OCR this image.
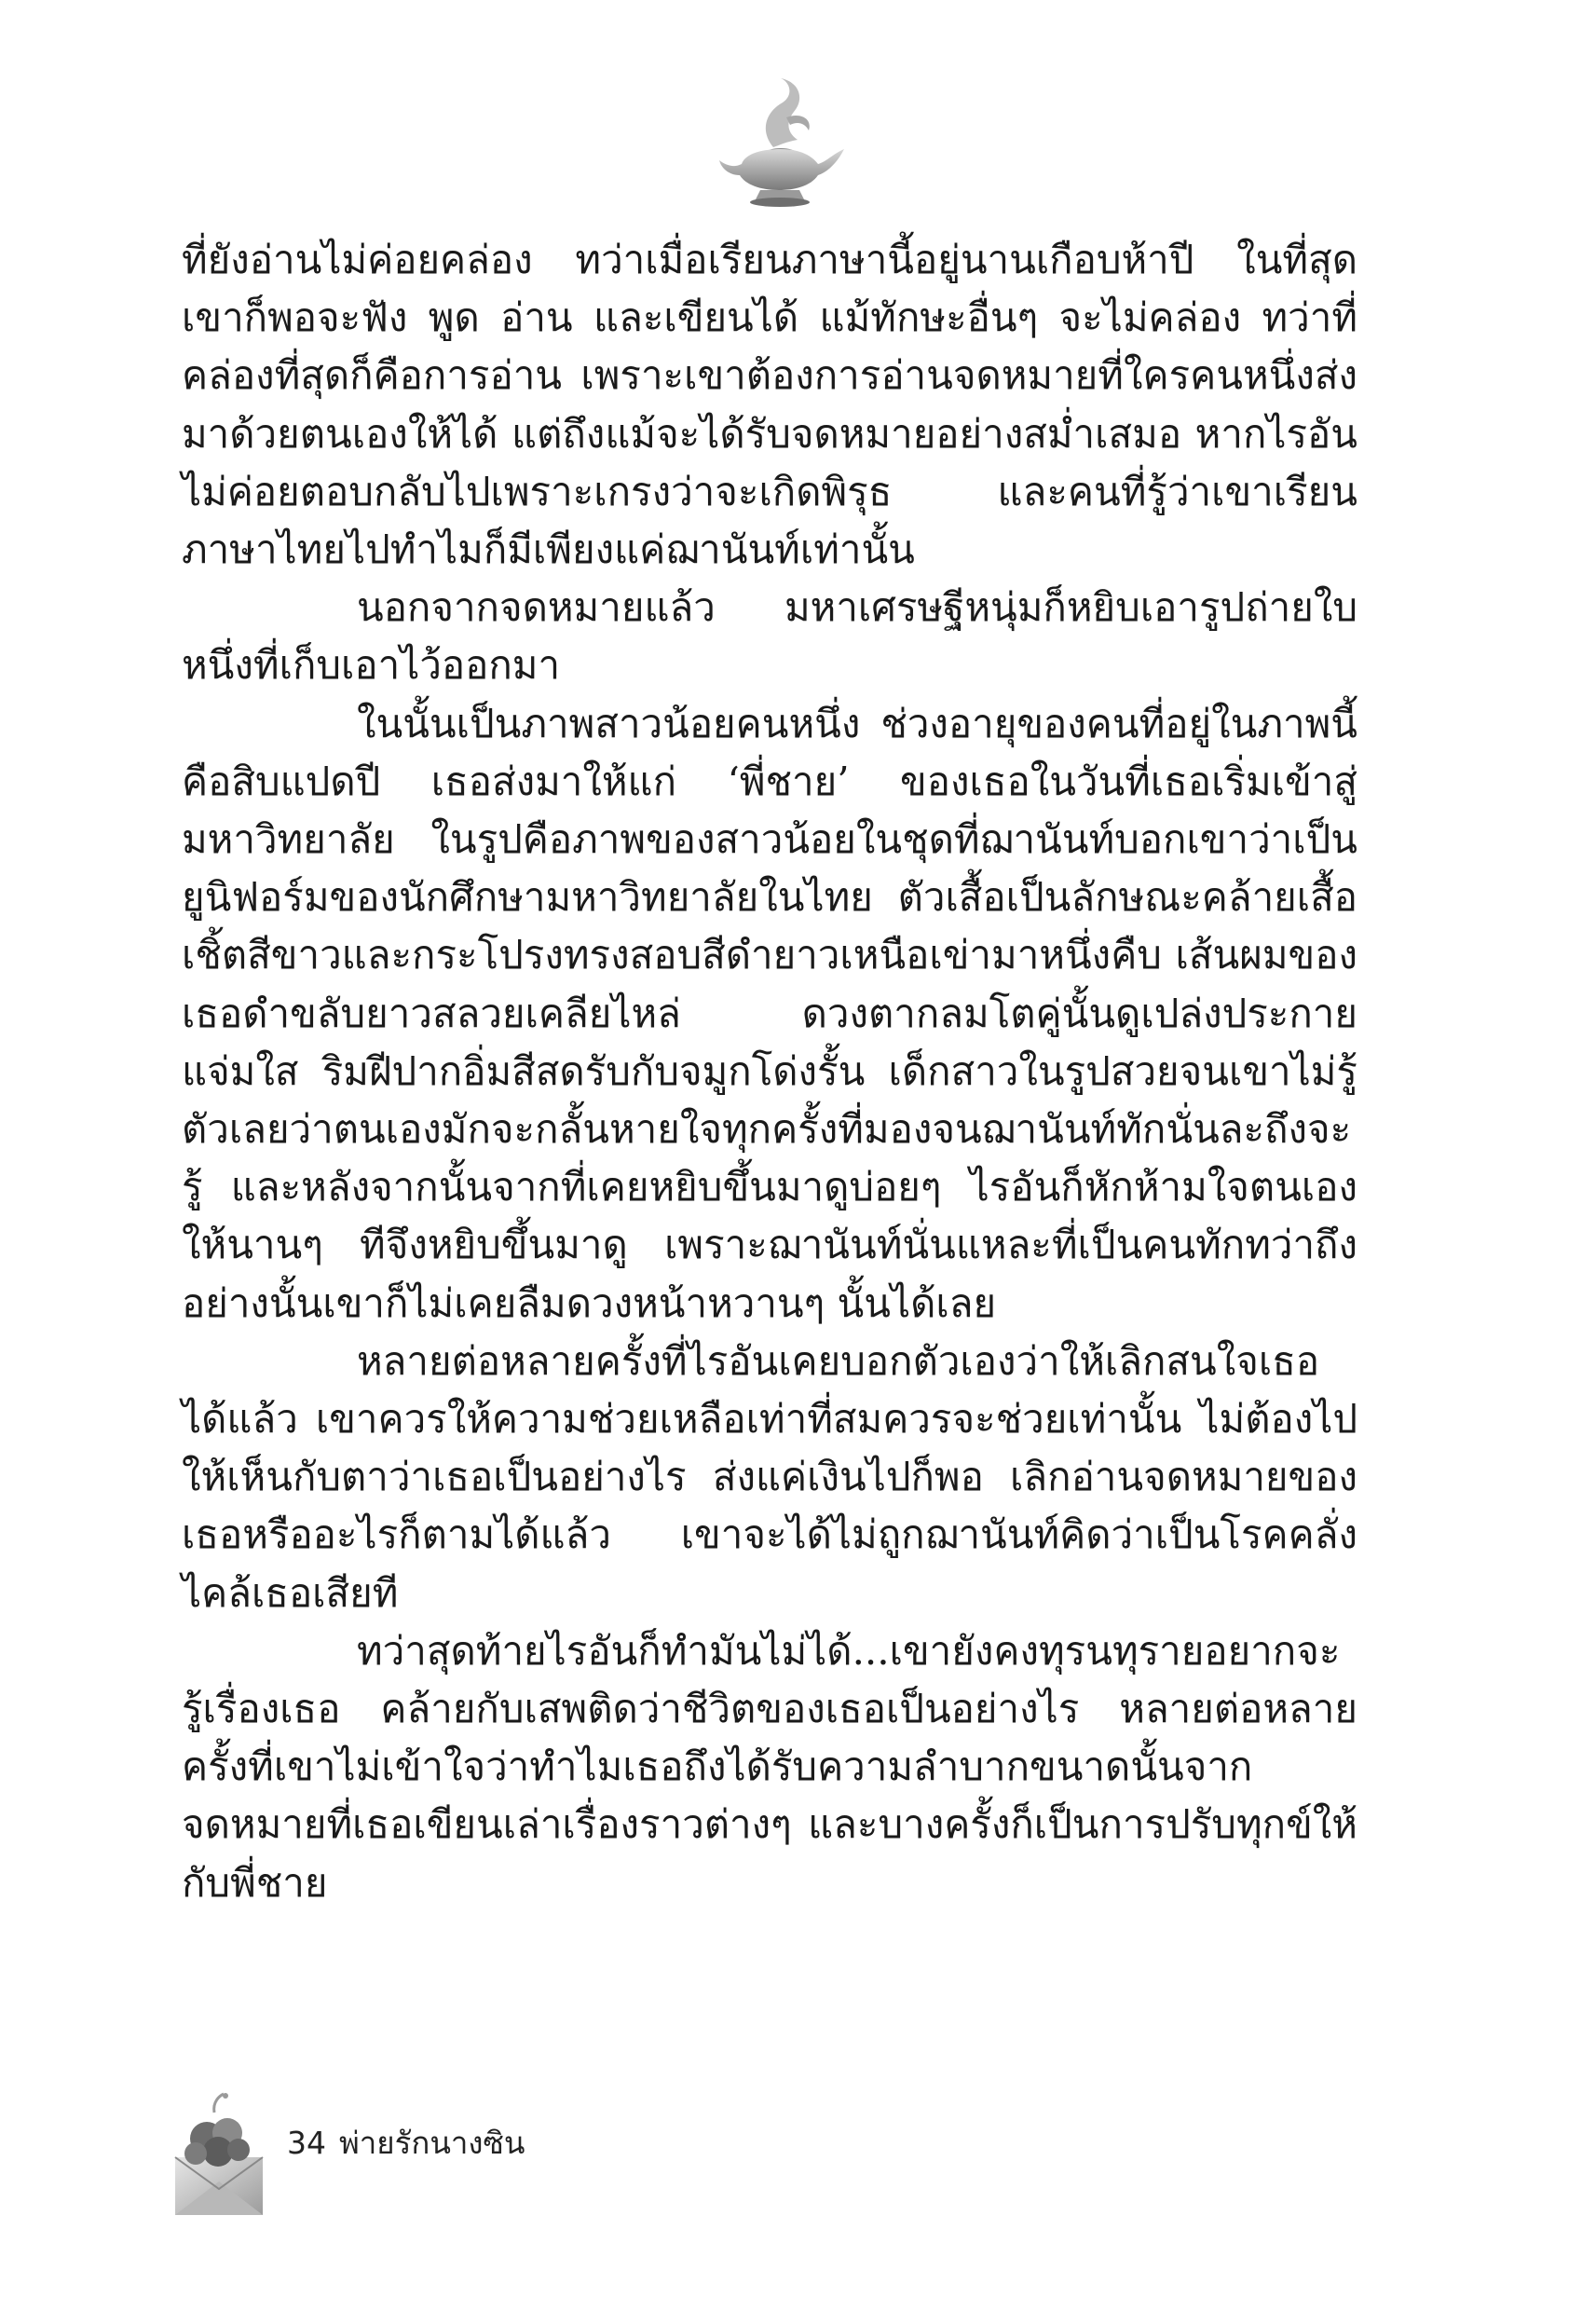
ที่ยังอ่านไม่ค่อยคล่อง ทว่าเมื่อเรียนภาษานี้อยู่นานเกือบห้าปี ในที่สุดเขาก็พอจะฟัง พูด อ่าน และเขียนได้ แม้ทักษะอื่นๆ จะไม่คล่อง ทว่าที่คล่องที่สุดก็คือการอ่าน เพราะเขาต้องการอ่านจดหมายที่ใครคนหนึ่งส่งมาด้วยตนเองให้ได้ แต่ถึงแม้จะได้รับจดหมายอย่างสม่ำเสมอ หากไรอันไม่ค่อยตอบกลับไปเพราะเกรงว่าจะเกิดพิรุธ และคนที่รู้ว่าเขาเรียนภาษาไทยไปทำไมก็มีเพียงแค่ฌานันท์เท่านั้น

นอกจากจดหมายแล้ว มหาเศรษฐีหนุ่มก็หยิบเอารูปถ่ายใบหนึ่งที่เก็บเอาไว้ออกมา

ในนั้นเป็นภาพสาวน้อยคนหนึ่ง ช่วงอายุของคนที่อยู่ในภาพนี้คือสิบแปดปี เธอส่งมาให้แก่ ‘พี่ชาย’ ของเธอในวันที่เธอเริ่มเข้าสู่มหาวิทยาลัย ในรูปคือภาพของสาวน้อยในชุดที่ฌานันท์บอกเขาว่าเป็นยูนิฟอร์มของนักศึกษามหาวิทยาลัยในไทย ตัวเสื้อเป็นลักษณะคล้ายเสื้อเชิ้ตสีขาวและกระโปรงทรงสอบสีดำยาวเหนือเข่ามาหนึ่งคืบ เส้นผมของเธอดำขลับยาวสลวยเคลียไหล่ ดวงตากลมโตคู่นั้นดูเปล่งประกายแจ่มใส ริมฝีปากอิ่มสีสดรับกับจมูกโด่งรั้น เด็กสาวในรูปสวยจนเขาไม่รู้ตัวเลยว่าตนเองมักจะกลั้นหายใจทุกครั้งที่มองจนฌานันท์ทักนั่นละถึงจะรู้ และหลังจากนั้นจากที่เคยหยิบขึ้นมาดูบ่อยๆ ไรอันก็หักห้ามใจตนเองให้นานๆ ทีจึงหยิบขึ้นมาดู เพราะฌานันท์นั่นแหละที่เป็นคนทักทว่าถึงอย่างนั้นเขาก็ไม่เคยลืมดวงหน้าหวานๆ นั้นได้เลย

หลายต่อหลายครั้งที่ไรอันเคยบอกตัวเองว่าให้เลิกสนใจเธอได้แล้ว เขาควรให้ความช่วยเหลือเท่าที่สมควรจะช่วยเท่านั้น ไม่ต้องไปให้เห็นกับตาว่าเธอเป็นอย่างไร ส่งแค่เงินไปก็พอ เลิกอ่านจดหมายของเธอหรืออะไรก็ตามได้แล้ว เขาจะได้ไม่ถูกฌานันท์คิดว่าเป็นโรคคลั่งไคล้เธอเสียที

ทว่าสุดท้ายไรอันก็ทำมันไม่ได้...เขายังคงทุรนทุรายอยากจะรู้เรื่องเธอ คล้ายกับเสพติดว่าชีวิตของเธอเป็นอย่างไร หลายต่อหลายครั้งที่เขาไม่เข้าใจว่าทำไมเธอถึงได้รับความลำบากขนาดนั้นจากจดหมายที่เธอเขียนเล่าเรื่องราวต่างๆ และบางครั้งก็เป็นการปรับทุกข์ให้กับพี่ชาย

34 พ่ายรักนางซิน
